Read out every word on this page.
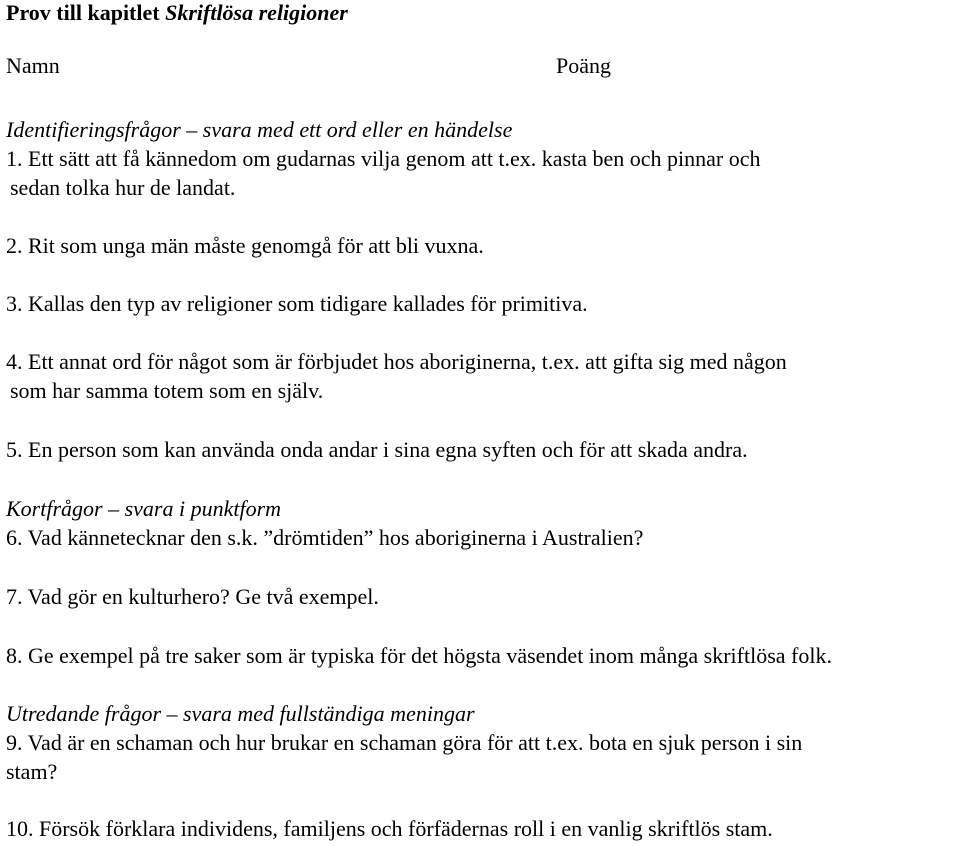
Prov till kapitlet Skriftlösa religioner
Namn	Poäng
Identifieringsfrågor – svara med ett ord eller en händelse
1. Ett sätt att få kännedom om gudarnas vilja genom att t.ex. kasta ben och pinnar och
sedan tolka hur de landat.
2. Rit som unga män måste genomgå för att bli vuxna.
3. Kallas den typ av religioner som tidigare kallades för primitiva.
4. Ett annat ord för något som är förbjudet hos aboriginerna, t.ex. att gifta sig med någon
som har samma totem som en själv.
5. En person som kan använda onda andar i sina egna syften och för att skada andra.
Kortfrågor – svara i punktform
6. Vad kännetecknar den s.k. ”drömtiden” hos aboriginerna i Australien?
7. Vad gör en kulturhero? Ge två exempel.
8. Ge exempel på tre saker som är typiska för det högsta väsendet inom många skriftlösa folk.
Utredande frågor – svara med fullständiga meningar
9. Vad är en schaman och hur brukar en schaman göra för att t.ex. bota en sjuk person i sin
stam?
10. Försök förklara individens, familjens och förfädernas roll i en vanlig skriftlös stam.
